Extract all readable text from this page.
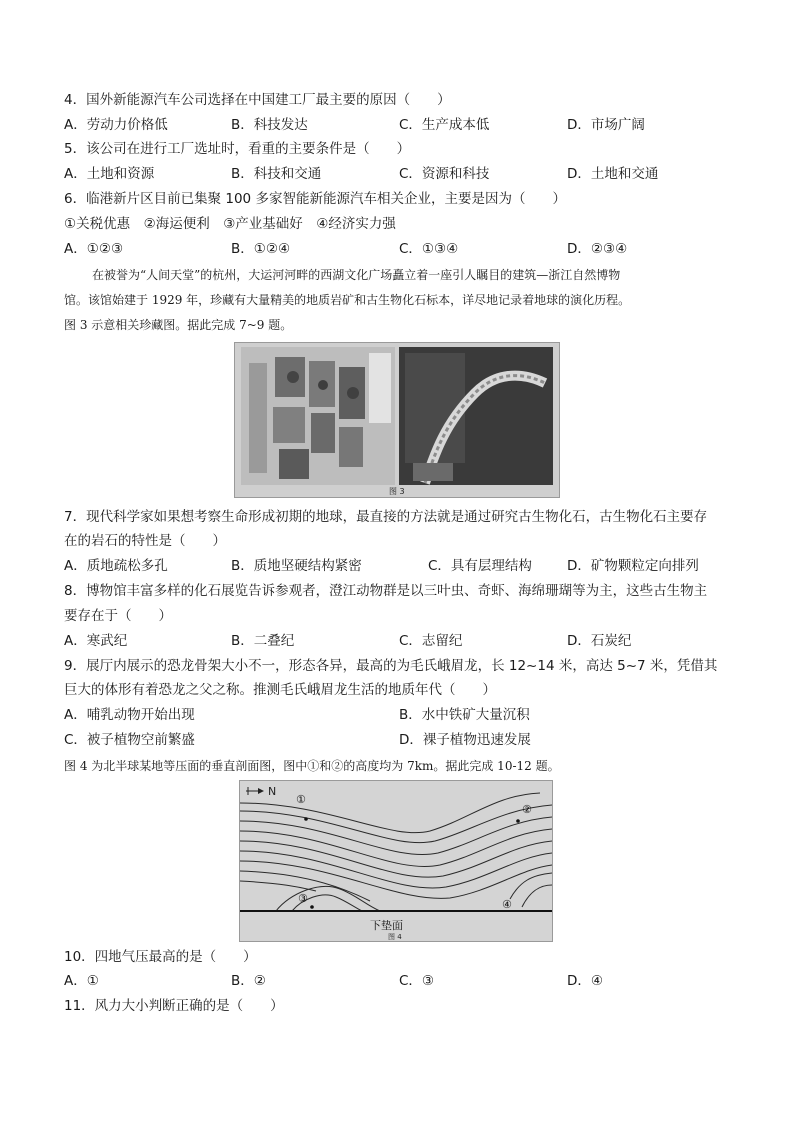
4．国外新能源汽车公司选择在中国建工厂最主要的原因（　　）
A．劳动力价格低	B．科技发达	C．生产成本低	D．市场广阔
5．该公司在进行工厂选址时，看重的主要条件是（　　）
A．土地和资源	B．科技和交通	C．资源和科技	D．土地和交通
6．临港新片区目前已集聚 100 多家智能新能源汽车相关企业，主要是因为（　　）
①关税优惠　②海运便利　③产业基础好　④经济实力强
A．①②③	B．①②④	C．①③④	D．②③④
在被誉为“人间天堂”的杭州，大运河河畔的西湖文化广场矗立着一座引人瞩目的建筑—浙江自然博物
馆。该馆始建于 1929 年，珍藏有大量精美的地质岩矿和古生物化石标本，详尽地记录着地球的演化历程。
图 3 示意相关珍藏图。据此完成 7~9 题。
图 3
7．现代科学家如果想考察生命形成初期的地球，最直接的方法就是通过研究古生物化石，古生物化石主要存
在的岩石的特性是（　　）
A．质地疏松多孔	B．质地坚硬结构紧密	C．具有层理结构	D．矿物颗粒定向排列
8．博物馆丰富多样的化石展览告诉参观者，澄江动物群是以三叶虫、奇虾、海绵珊瑚等为主，这些古生物主
要存在于（　　）
A．寒武纪	B．二叠纪	C．志留纪	D．石炭纪
9．展厅内展示的恐龙骨架大小不一，形态各异，最高的为毛氏峨眉龙，长 12~14 米，高达 5~7 米，凭借其
巨大的体形有着恐龙之父之称。推测毛氏峨眉龙生活的地质年代（　　）
A．哺乳动物开始出现	B．水中铁矿大量沉积
C．被子植物空前繁盛	D．裸子植物迅速发展
图 4 为北半球某地等压面的垂直剖面图，图中①和②的高度均为 7km。据此完成 10-12 题。
N
①
②
③	④
下垫面
图 4
10．四地气压最高的是（　　）
A．①	B．②	C．③	D．④
11．风力大小判断正确的是（　　）
